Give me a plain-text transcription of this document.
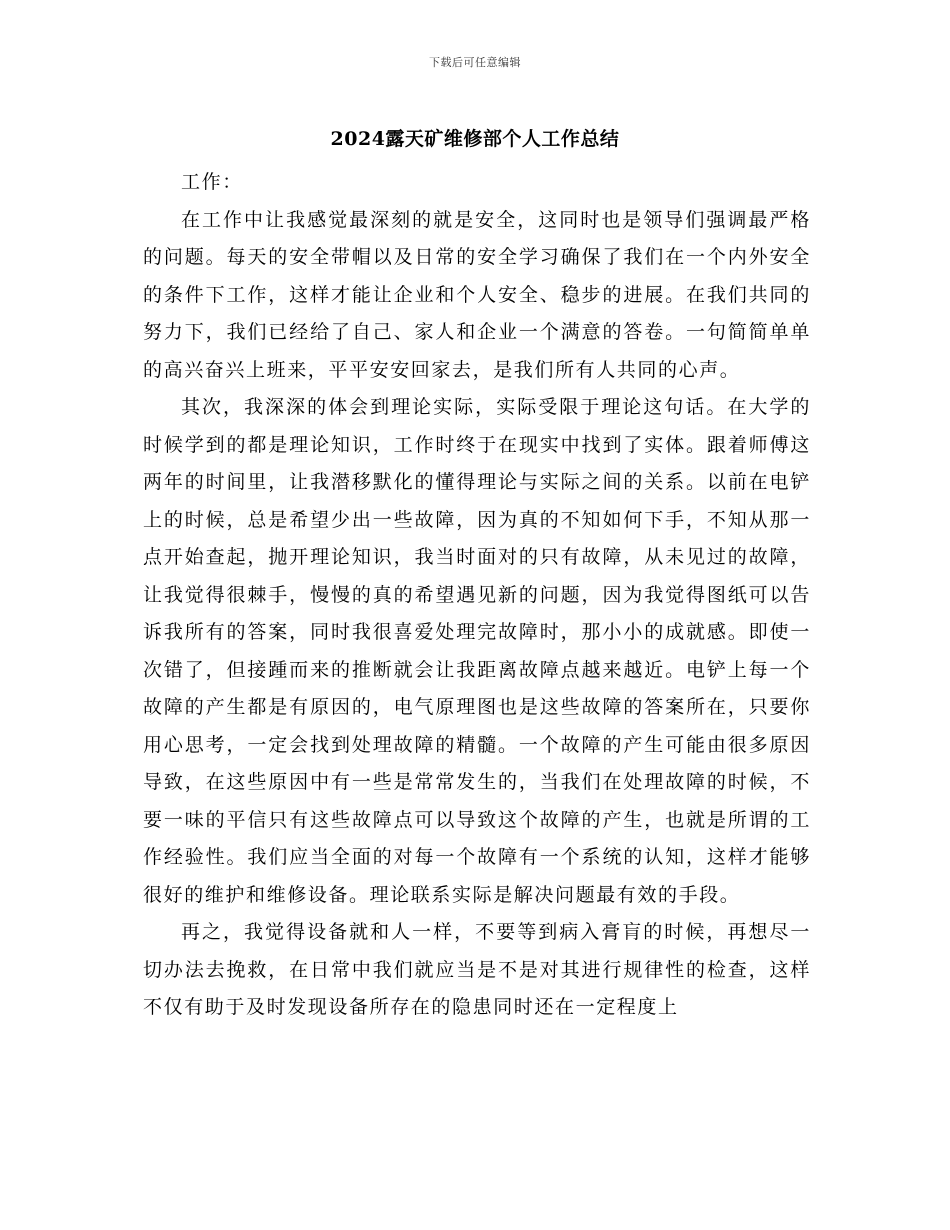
下载后可任意编辑
2024露天矿维修部个人工作总结

工作：

在工作中让我感觉最深刻的就是安全，这同时也是领导们强调最严格的问题。每天的安全带帽以及日常的安全学习确保了我们在一个内外安全的条件下工作，这样才能让企业和个人安全、稳步的进展。在我们共同的努力下，我们已经给了自己、家人和企业一个满意的答卷。一句简简单单的高兴奋兴上班来，平平安安回家去，是我们所有人共同的心声。

其次，我深深的体会到理论实际，实际受限于理论这句话。在大学的时候学到的都是理论知识，工作时终于在现实中找到了实体。跟着师傅这两年的时间里，让我潜移默化的懂得理论与实际之间的关系。以前在电铲上的时候，总是希望少出一些故障，因为真的不知如何下手，不知从那一点开始查起，抛开理论知识，我当时面对的只有故障，从未见过的故障，让我觉得很棘手，慢慢的真的希望遇见新的问题，因为我觉得图纸可以告诉我所有的答案，同时我很喜爱处理完故障时，那小小的成就感。即使一次错了，但接踵而来的推断就会让我距离故障点越来越近。电铲上每一个故障的产生都是有原因的，电气原理图也是这些故障的答案所在，只要你用心思考，一定会找到处理故障的精髓。一个故障的产生可能由很多原因导致，在这些原因中有一些是常常发生的，当我们在处理故障的时候，不要一味的平信只有这些故障点可以导致这个故障的产生，也就是所谓的工作经验性。我们应当全面的对每一个故障有一个系统的认知，这样才能够很好的维护和维修设备。理论联系实际是解决问题最有效的手段。

再之，我觉得设备就和人一样，不要等到病入膏肓的时候，再想尽一切办法去挽救，在日常中我们就应当是不是对其进行规律性的检查，这样不仅有助于及时发现设备所存在的隐患同时还在一定程度上
